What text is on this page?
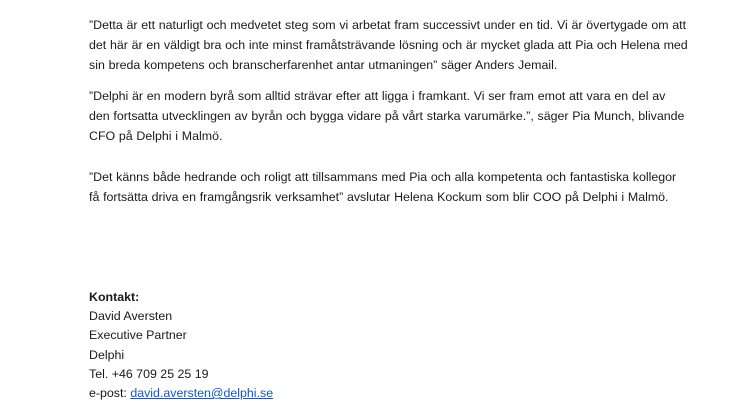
”Detta är ett naturligt och medvetet steg som vi arbetat fram successivt under en tid. Vi är övertygade om att det här är en väldigt bra och inte minst framåtsträvande lösning och är mycket glada att Pia och Helena med sin breda kompetens och branscherfarenhet antar utmaningen” säger Anders Jemail.

”Delphi är en modern byrå som alltid strävar efter att ligga i framkant. Vi ser fram emot att vara en del av den fortsatta utvecklingen av byrån och bygga vidare på vårt starka varumärke.”, säger Pia Munch, blivande CFO på Delphi i Malmö.

”Det känns både hedrande och roligt att tillsammans med Pia och alla kompetenta och fantastiska kollegor få fortsätta driva en framgångsrik verksamhet” avslutar Helena Kockum som blir COO på Delphi i Malmö.

Kontakt:
David Aversten
Executive Partner
Delphi
Tel. +46 709 25 25 19
e-post: david.aversten@delphi.se
